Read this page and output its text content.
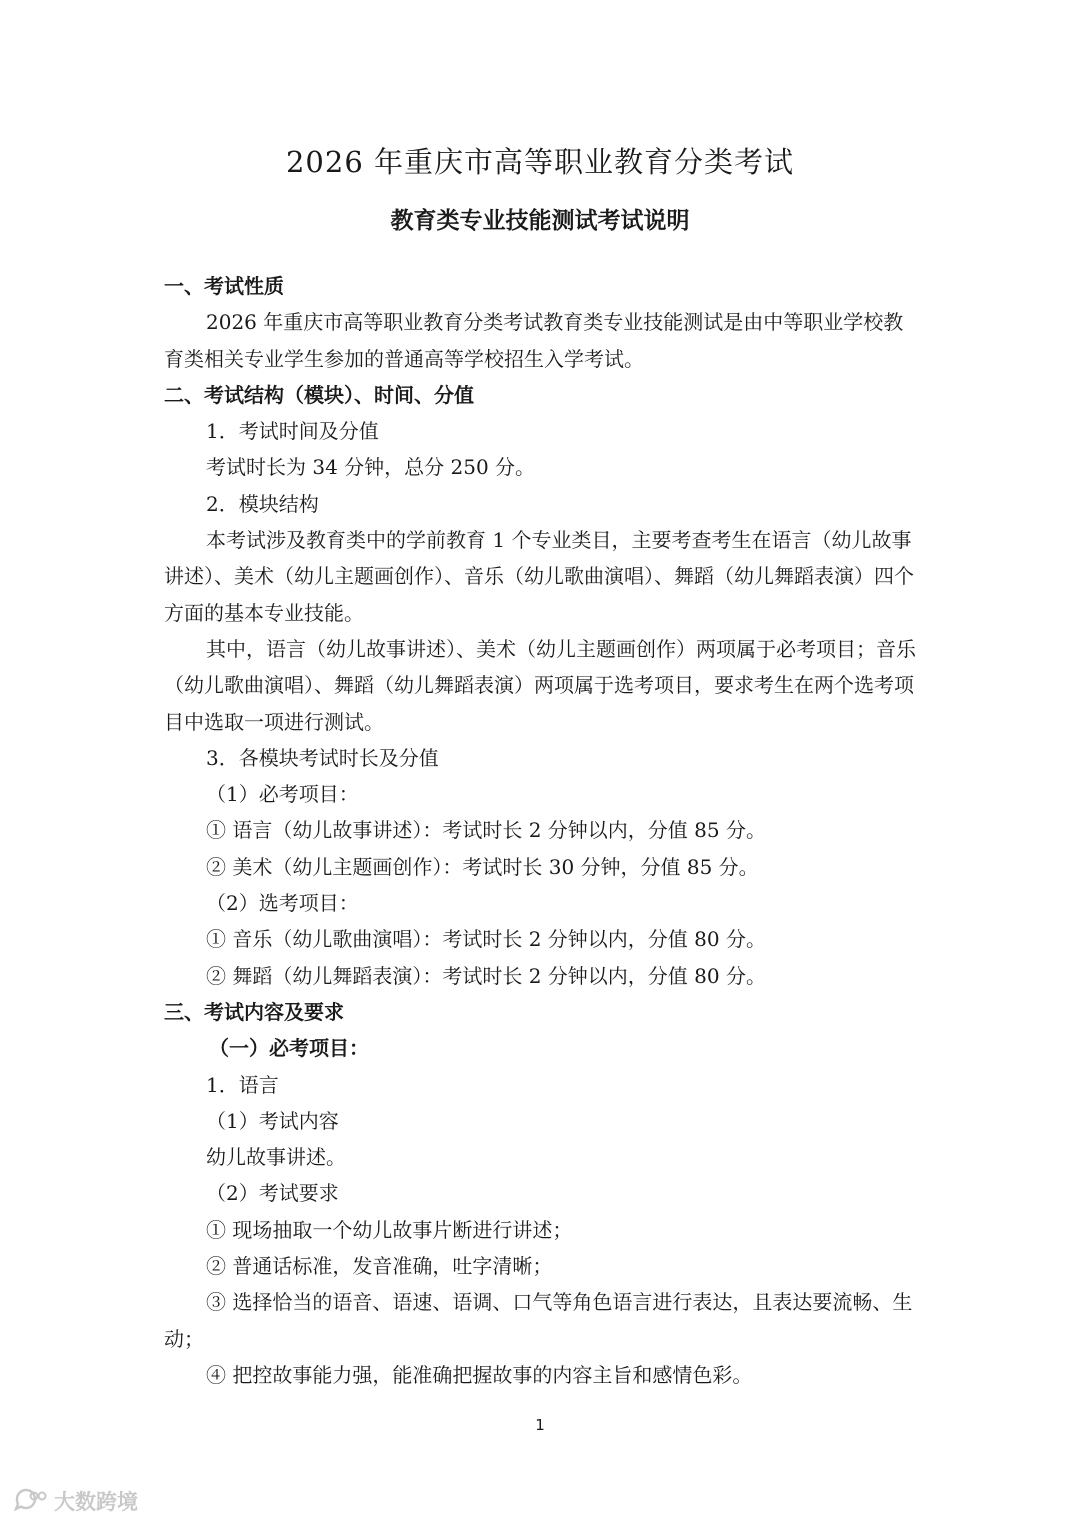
2026 年重庆市高等职业教育分类考试
教育类专业技能测试考试说明

一、考试性质

2026 年重庆市高等职业教育分类考试教育类专业技能测试是由中等职业学校教育类相关专业学生参加的普通高等学校招生入学考试。

二、考试结构（模块）、时间、分值

1．考试时间及分值

考试时长为 34 分钟，总分 250 分。

2．模块结构

本考试涉及教育类中的学前教育 1 个专业类目，主要考查考生在语言（幼儿故事讲述）、美术（幼儿主题画创作）、音乐（幼儿歌曲演唱）、舞蹈（幼儿舞蹈表演）四个方面的基本专业技能。

其中，语言（幼儿故事讲述）、美术（幼儿主题画创作）两项属于必考项目；音乐（幼儿歌曲演唱）、舞蹈（幼儿舞蹈表演）两项属于选考项目，要求考生在两个选考项目中选取一项进行测试。

3．各模块考试时长及分值

（1）必考项目：

① 语言（幼儿故事讲述）：考试时长 2 分钟以内，分值 85 分。

② 美术（幼儿主题画创作）：考试时长 30 分钟，分值 85 分。

（2）选考项目：

① 音乐（幼儿歌曲演唱）：考试时长 2 分钟以内，分值 80 分。

② 舞蹈（幼儿舞蹈表演）：考试时长 2 分钟以内，分值 80 分。

三、考试内容及要求

（一）必考项目：

1．语言

（1）考试内容

幼儿故事讲述。

（2）考试要求

① 现场抽取一个幼儿故事片断进行讲述；

② 普通话标准，发音准确，吐字清晰；

③ 选择恰当的语音、语速、语调、口气等角色语言进行表达，且表达要流畅、生动；

④ 把控故事能力强，能准确把握故事的内容主旨和感情色彩。

1
大数跨境
